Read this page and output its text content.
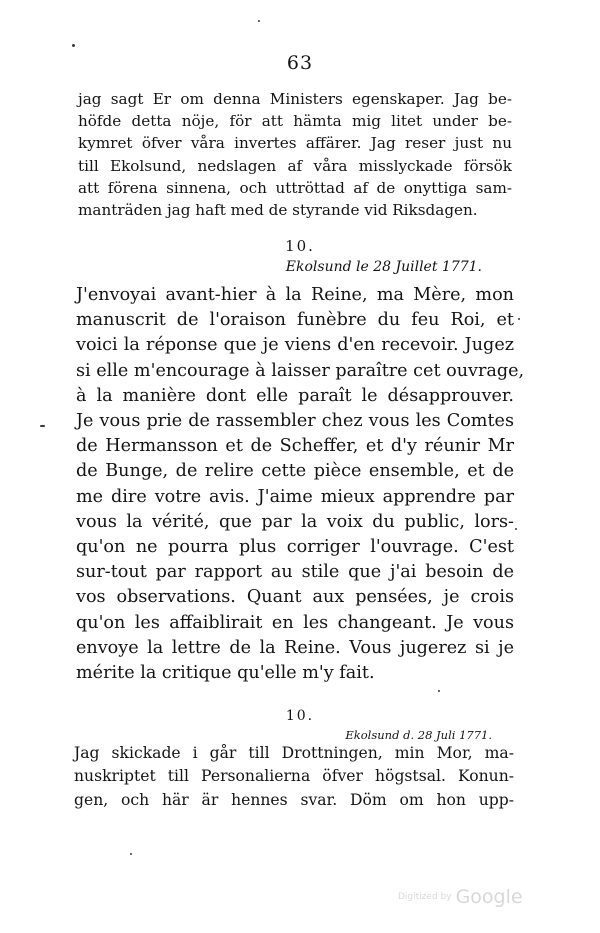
63
jag sagt Er om denna Ministers egenskaper. Jag be-
höfde detta nöje, för att hämta mig litet under be-
kymret öfver våra invertes affärer. Jag reser just nu
till Ekolsund, nedslagen af våra misslyckade försök
att förena sinnena, och uttröttad af de onyttiga sam-
manträden jag haft med de styrande vid Riksdagen.
10.
Ekolsund le 28 Juillet 1771.
J'envoyai avant-hier à la Reine, ma Mère, mon
manuscrit de l'oraison funèbre du feu Roi, et
voici la réponse que je viens d'en recevoir. Jugez
si elle m'encourage à laisser paraître cet ouvrage,
à la manière dont elle paraît le désapprouver.
Je vous prie de rassembler chez vous les Comtes
de Hermansson et de Scheffer, et d'y réunir Mr
de Bunge, de relire cette pièce ensemble, et de
me dire votre avis. J'aime mieux apprendre par
vous la vérité, que par la voix du public, lors-
qu'on ne pourra plus corriger l'ouvrage. C'est
sur-tout par rapport au stile que j'ai besoin de
vos observations. Quant aux pensées, je crois
qu'on les affaiblirait en les changeant. Je vous
envoye la lettre de la Reine. Vous jugerez si je
mérite la critique qu'elle m'y fait.
10.
Ekolsund d. 28 Juli 1771.
Jag skickade i går till Drottningen, min Mor, ma-
nuskriptet till Personalierna öfver högstsal. Konun-
gen, och här är hennes svar. Döm om hon upp-
Digitized by Google
